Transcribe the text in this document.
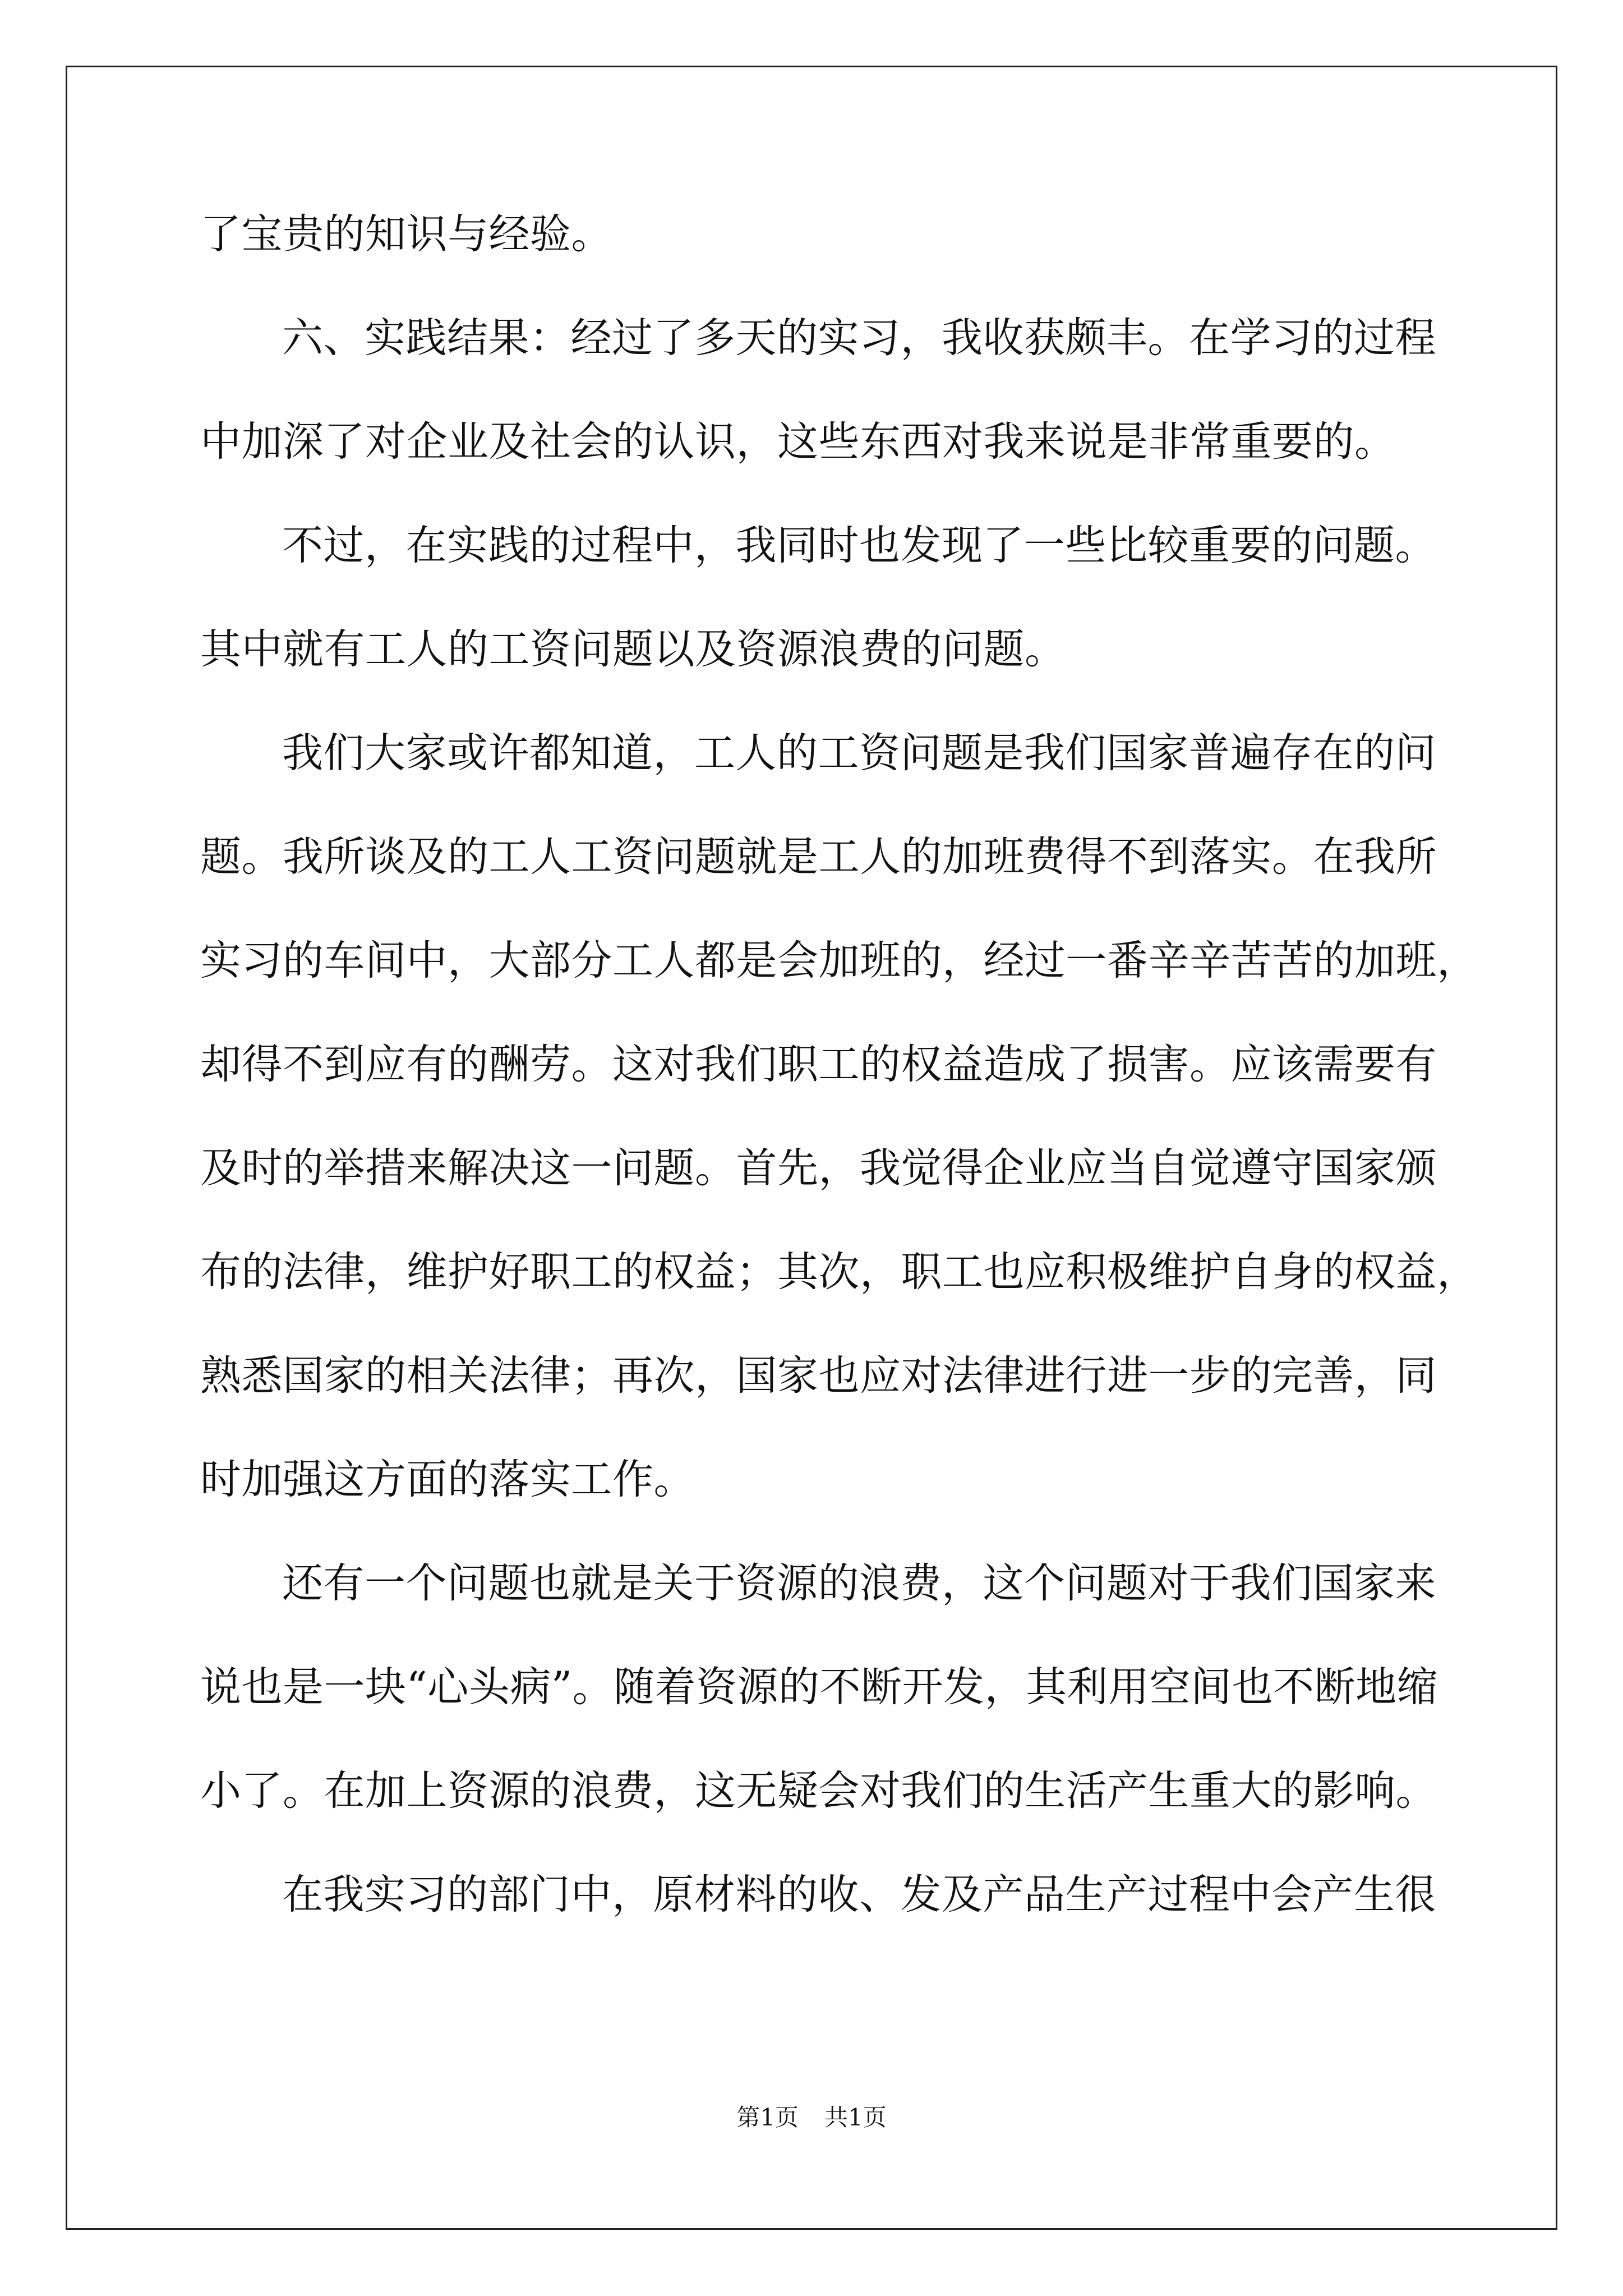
了宝贵的知识与经验。
六、实践结果：经过了多天的实习，我收获颇丰。在学习的过程
中加深了对企业及社会的认识，这些东西对我来说是非常重要的。
不过，在实践的过程中，我同时也发现了一些比较重要的问题。
其中就有工人的工资问题以及资源浪费的问题。
我们大家或许都知道，工人的工资问题是我们国家普遍存在的问
题。我所谈及的工人工资问题就是工人的加班费得不到落实。在我所
实习的车间中，大部分工人都是会加班的，经过一番辛辛苦苦的加班，
却得不到应有的酬劳。这对我们职工的权益造成了损害。应该需要有
及时的举措来解决这一问题。首先，我觉得企业应当自觉遵守国家颁
布的法律，维护好职工的权益；其次，职工也应积极维护自身的权益，
熟悉国家的相关法律；再次，国家也应对法律进行进一步的完善，同
时加强这方面的落实工作。
还有一个问题也就是关于资源的浪费，这个问题对于我们国家来
说也是一块“心头病”。随着资源的不断开发，其利用空间也不断地缩
小了。在加上资源的浪费，这无疑会对我们的生活产生重大的影响。
在我实习的部门中，原材料的收、发及产品生产过程中会产生很
第1页 共1页
